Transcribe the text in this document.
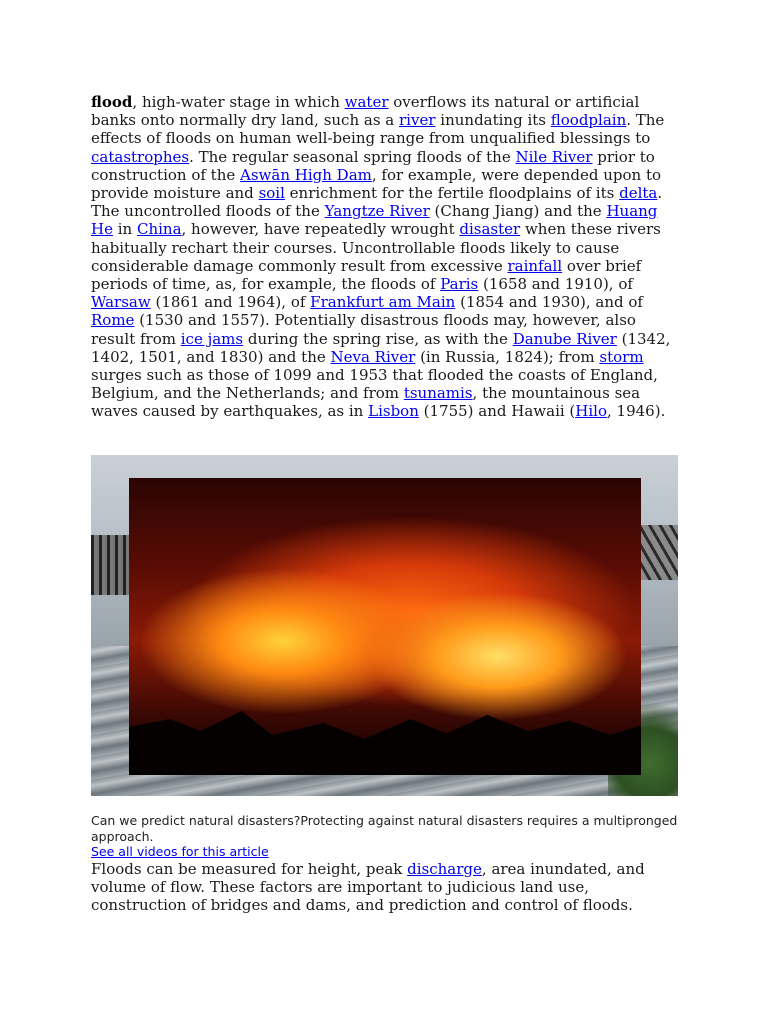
flood, high-water stage in which water overflows its natural or artificial banks onto normally dry land, such as a river inundating its floodplain. The effects of floods on human well-being range from unqualified blessings to catastrophes. The regular seasonal spring floods of the Nile River prior to construction of the Aswān High Dam, for example, were depended upon to provide moisture and soil enrichment for the fertile floodplains of its delta. The uncontrolled floods of the Yangtze River (Chang Jiang) and the Huang He in China, however, have repeatedly wrought disaster when these rivers habitually rechart their courses. Uncontrollable floods likely to cause considerable damage commonly result from excessive rainfall over brief periods of time, as, for example, the floods of Paris (1658 and 1910), of Warsaw (1861 and 1964), of Frankfurt am Main (1854 and 1930), and of Rome (1530 and 1557). Potentially disastrous floods may, however, also result from ice jams during the spring rise, as with the Danube River (1342, 1402, 1501, and 1830) and the Neva River (in Russia, 1824); from storm surges such as those of 1099 and 1953 that flooded the coasts of England, Belgium, and the Netherlands; and from tsunamis, the mountainous sea waves caused by earthquakes, as in Lisbon (1755) and Hawaii (Hilo, 1946).

Can we predict natural disasters?Protecting against natural disasters requires a multipronged approach.
See all videos for this article
Floods can be measured for height, peak discharge, area inundated, and volume of flow. These factors are important to judicious land use, construction of bridges and dams, and prediction and control of floods.
